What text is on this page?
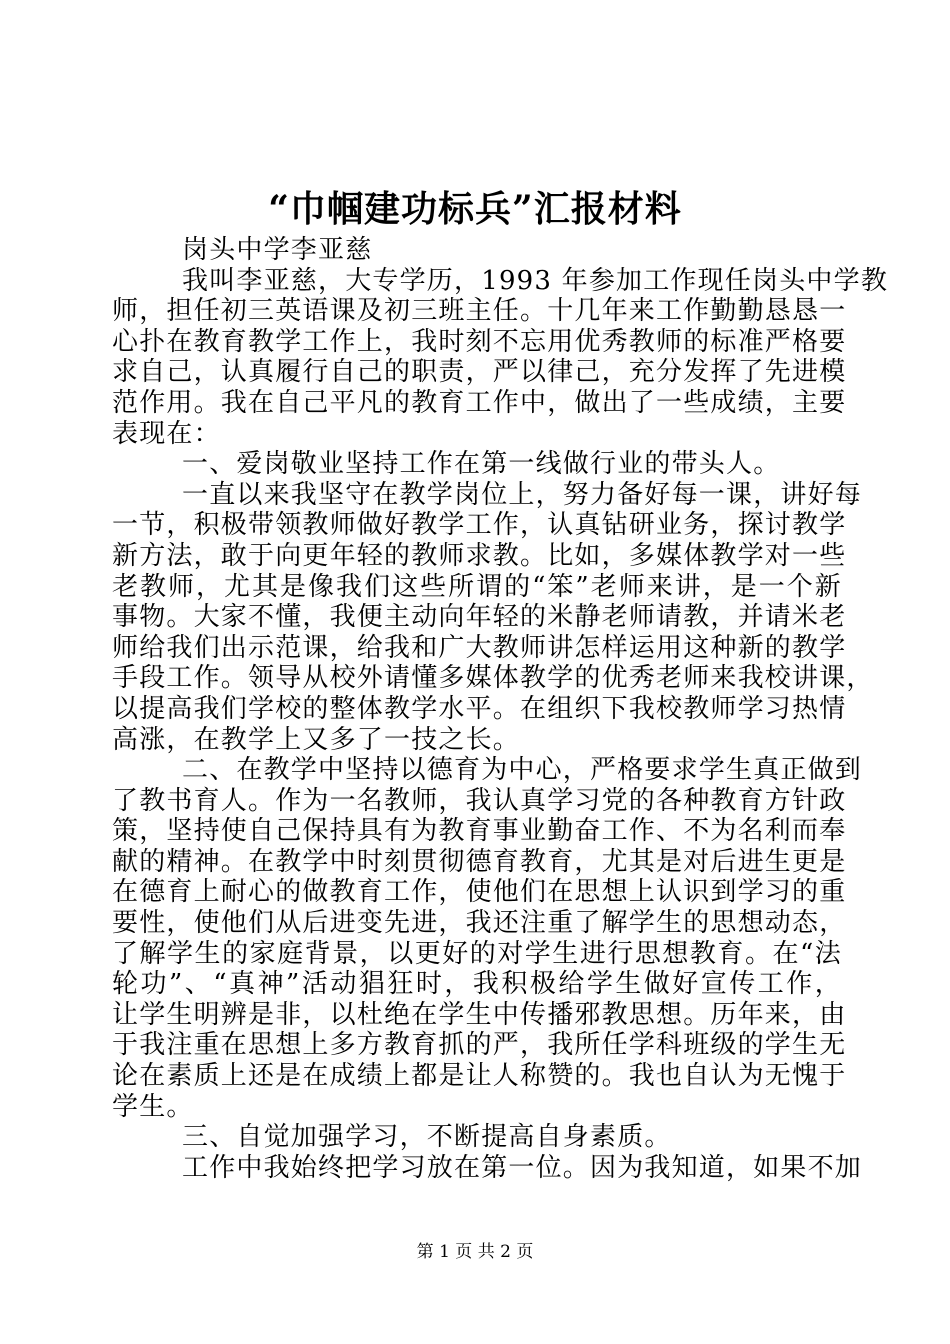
“巾帼建功标兵”汇报材料
岗头中学李亚慈
我叫李亚慈，大专学历，1993 年参加工作现任岗头中学教
师，担任初三英语课及初三班主任。十几年来工作勤勤恳恳一
心扑在教育教学工作上，我时刻不忘用优秀教师的标准严格要
求自己，认真履行自己的职责，严以律己，充分发挥了先进模
范作用。我在自己平凡的教育工作中，做出了一些成绩，主要
表现在：
一、爱岗敬业坚持工作在第一线做行业的带头人。
一直以来我坚守在教学岗位上，努力备好每一课，讲好每
一节，积极带领教师做好教学工作，认真钻研业务，探讨教学
新方法，敢于向更年轻的教师求教。比如，多媒体教学对一些
老教师，尤其是像我们这些所谓的“笨”老师来讲，是一个新
事物。大家不懂，我便主动向年轻的米静老师请教，并请米老
师给我们出示范课，给我和广大教师讲怎样运用这种新的教学
手段工作。领导从校外请懂多媒体教学的优秀老师来我校讲课，
以提高我们学校的整体教学水平。在组织下我校教师学习热情
高涨，在教学上又多了一技之长。
二、在教学中坚持以德育为中心，严格要求学生真正做到
了教书育人。作为一名教师，我认真学习党的各种教育方针政
策，坚持使自己保持具有为教育事业勤奋工作、不为名利而奉
献的精神。在教学中时刻贯彻德育教育，尤其是对后进生更是
在德育上耐心的做教育工作，使他们在思想上认识到学习的重
要性，使他们从后进变先进，我还注重了解学生的思想动态，
了解学生的家庭背景，以更好的对学生进行思想教育。在“法
轮功”、“真神”活动猖狂时，我积极给学生做好宣传工作，
让学生明辨是非，以杜绝在学生中传播邪教思想。历年来，由
于我注重在思想上多方教育抓的严，我所任学科班级的学生无
论在素质上还是在成绩上都是让人称赞的。我也自认为无愧于
学生。
三、自觉加强学习，不断提高自身素质。
工作中我始终把学习放在第一位。因为我知道，如果不加
第 1 页 共 2 页
